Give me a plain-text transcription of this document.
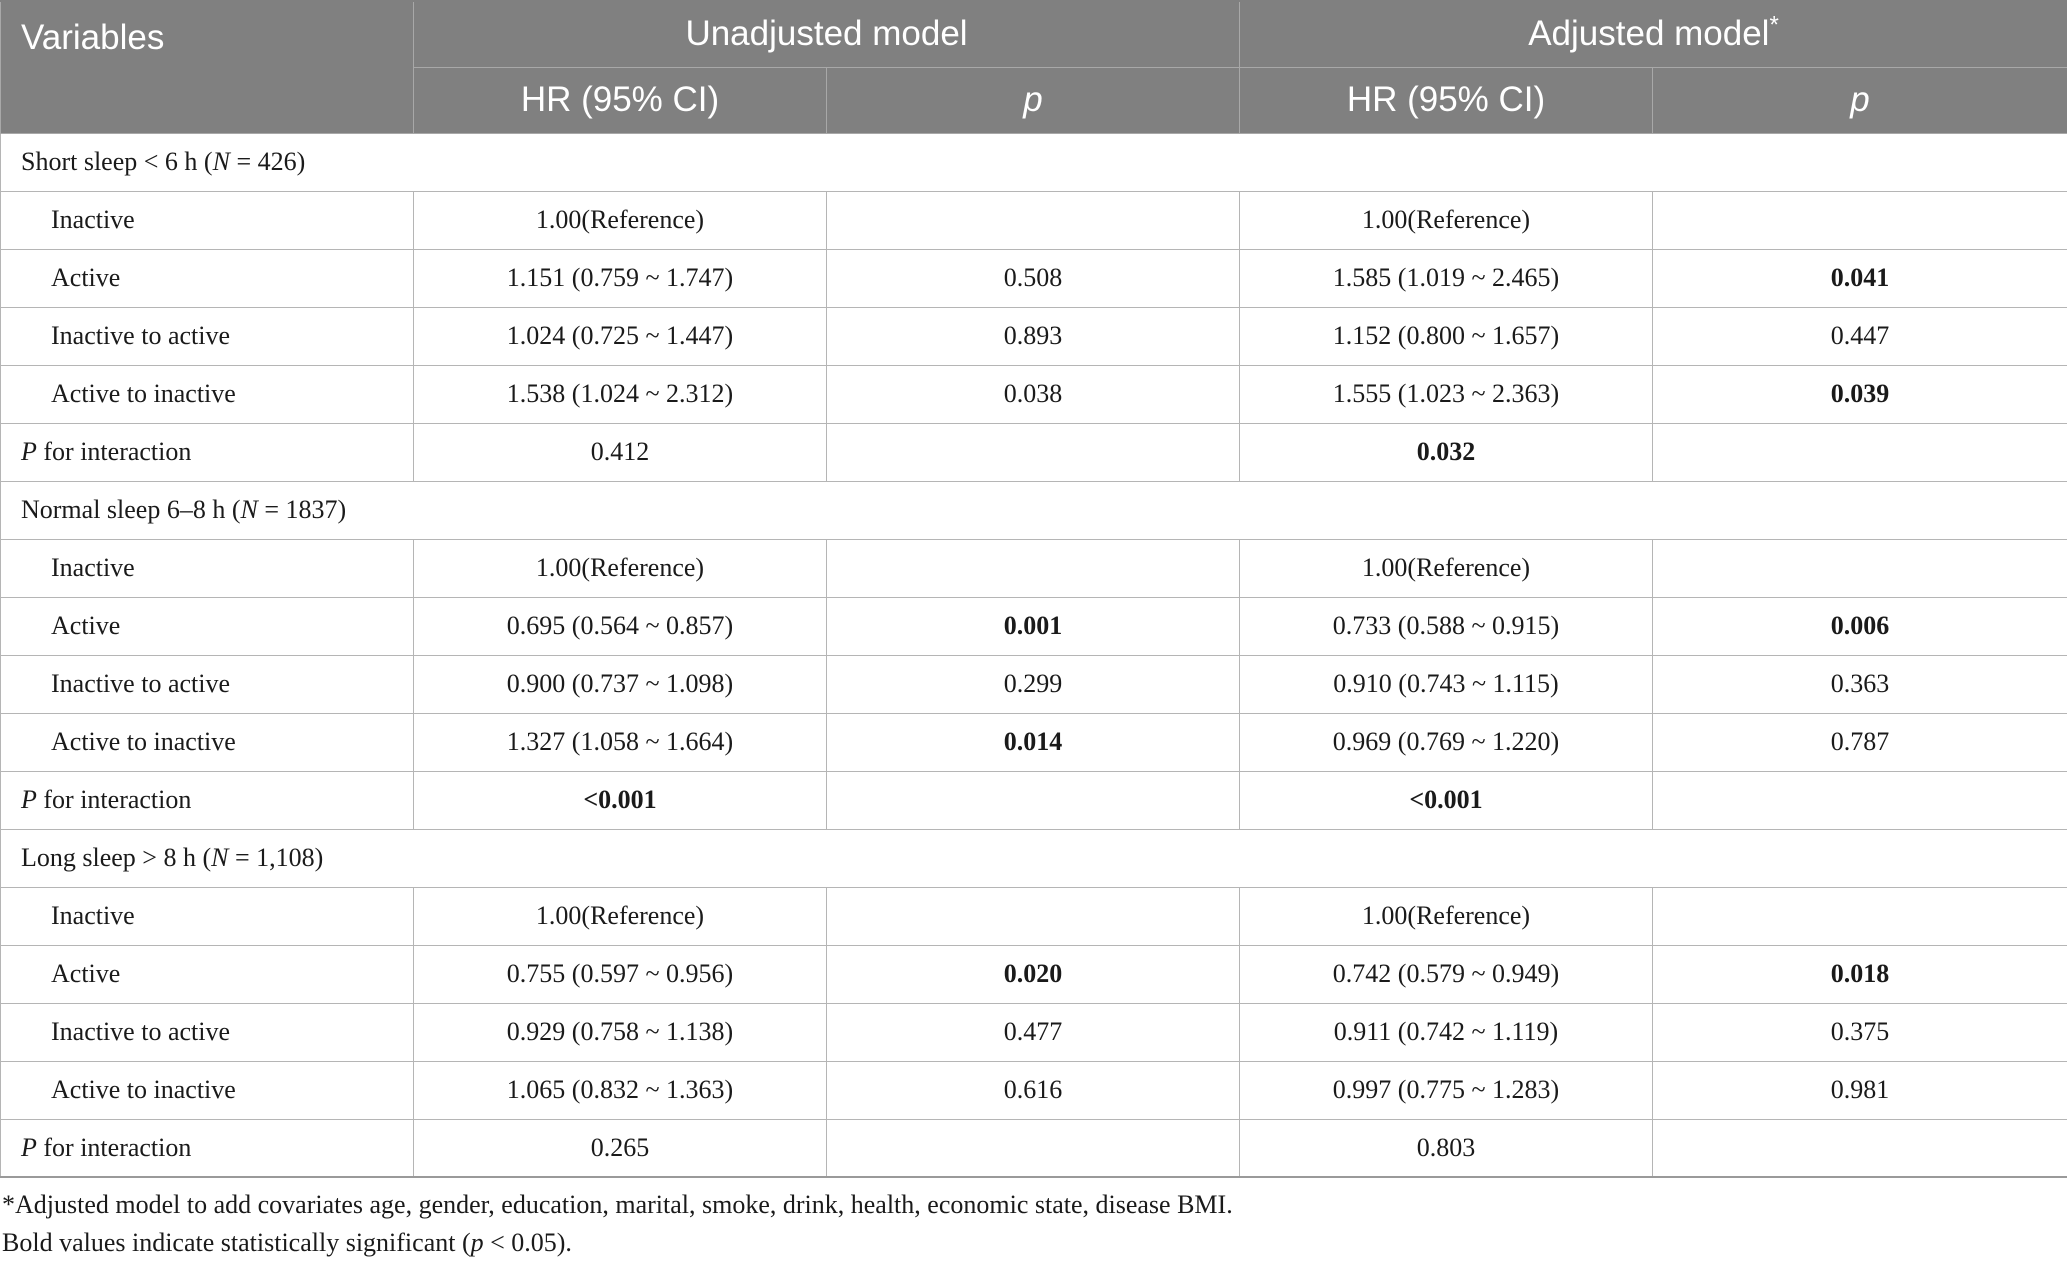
Variables	Unadjusted model		Adjusted model*
	HR (95% CI)	p	HR (95% CI)	p
Short sleep < 6 h (N = 426)				
Inactive	1.00(Reference)		1.00(Reference)	
Active	1.151 (0.759 ~ 1.747)	0.508	1.585 (1.019 ~ 2.465)	0.041
Inactive to active	1.024 (0.725 ~ 1.447)	0.893	1.152 (0.800 ~ 1.657)	0.447
Active to inactive	1.538 (1.024 ~ 2.312)	0.038	1.555 (1.023 ~ 2.363)	0.039
P for interaction	0.412		0.032	
Normal sleep 6–8 h (N = 1837)				
Inactive	1.00(Reference)		1.00(Reference)	
Active	0.695 (0.564 ~ 0.857)	0.001	0.733 (0.588 ~ 0.915)	0.006
Inactive to active	0.900 (0.737 ~ 1.098)	0.299	0.910 (0.743 ~ 1.115)	0.363
Active to inactive	1.327 (1.058 ~ 1.664)	0.014	0.969 (0.769 ~ 1.220)	0.787
P for interaction	<0.001		<0.001	
Long sleep > 8 h (N = 1,108)				
Inactive	1.00(Reference)		1.00(Reference)	
Active	0.755 (0.597 ~ 0.956)	0.020	0.742 (0.579 ~ 0.949)	0.018
Inactive to active	0.929 (0.758 ~ 1.138)	0.477	0.911 (0.742 ~ 1.119)	0.375
Active to inactive	1.065 (0.832 ~ 1.363)	0.616	0.997 (0.775 ~ 1.283)	0.981
P for interaction	0.265		0.803	

*Adjusted model to add covariates age, gender, education, marital, smoke, drink, health, economic state, disease BMI.

Bold values indicate statistically significant (p < 0.05).
